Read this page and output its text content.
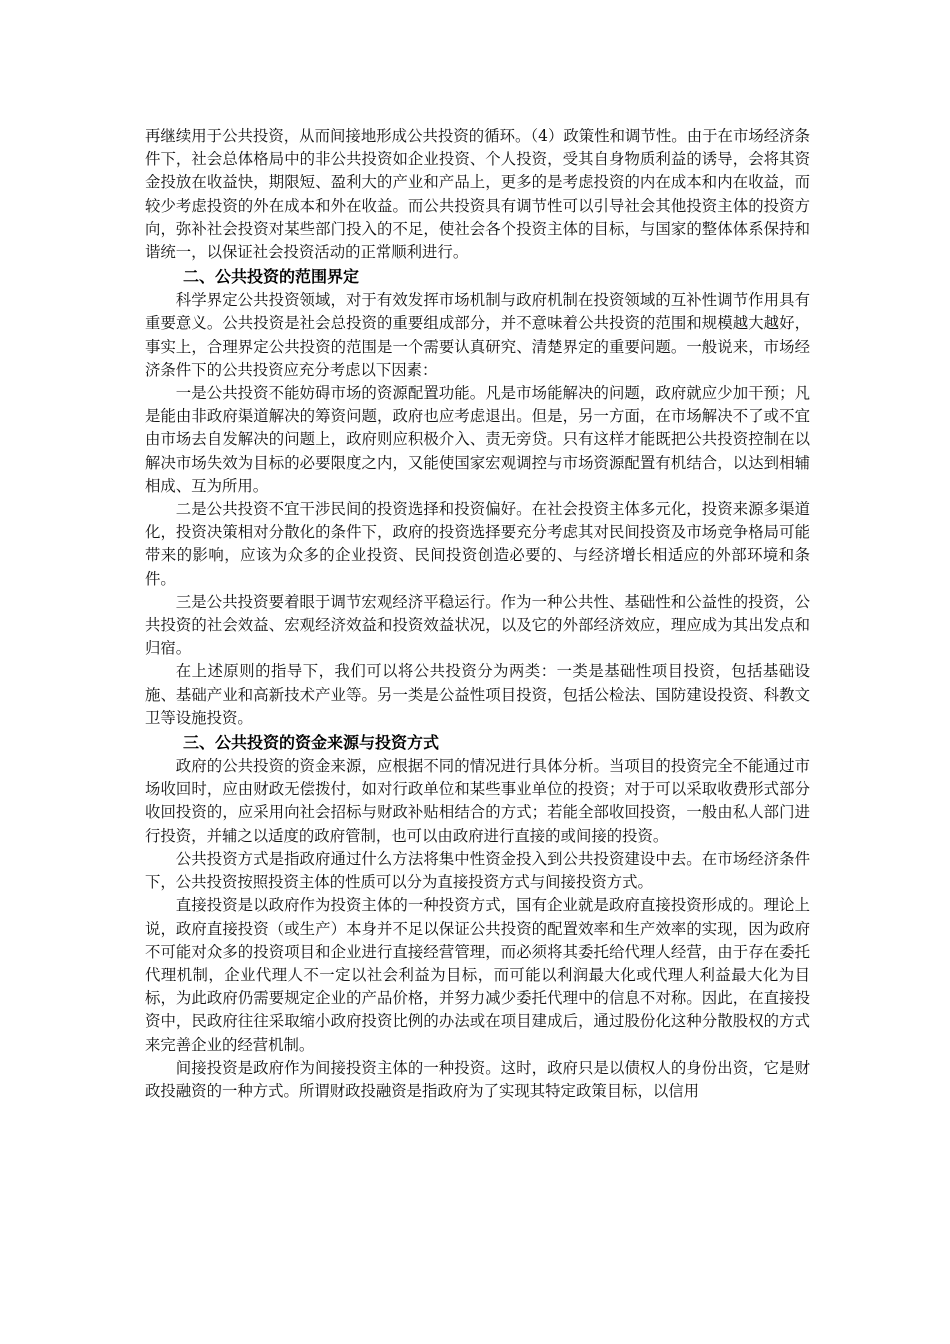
再继续用于公共投资，从而间接地形成公共投资的循环。（4）政策性和调节性。由于在市场经济条件下，社会总体格局中的非公共投资如企业投资、个人投资，受其自身物质利益的诱导，会将其资金投放在收益快，期限短、盈利大的产业和产品上，更多的是考虑投资的内在成本和内在收益，而较少考虑投资的外在成本和外在收益。而公共投资具有调节性可以引导社会其他投资主体的投资方向，弥补社会投资对某些部门投入的不足，使社会各个投资主体的目标，与国家的整体体系保持和谐统一，以保证社会投资活动的正常顺利进行。

二、公共投资的范围界定

科学界定公共投资领域，对于有效发挥市场机制与政府机制在投资领域的互补性调节作用具有重要意义。公共投资是社会总投资的重要组成部分，并不意味着公共投资的范围和规模越大越好，事实上，合理界定公共投资的范围是一个需要认真研究、清楚界定的重要问题。一般说来，市场经济条件下的公共投资应充分考虑以下因素：

一是公共投资不能妨碍市场的资源配置功能。凡是市场能解决的问题，政府就应少加干预；凡是能由非政府渠道解决的筹资问题，政府也应考虑退出。但是，另一方面，在市场解决不了或不宜由市场去自发解决的问题上，政府则应积极介入、责无旁贷。只有这样才能既把公共投资控制在以解决市场失效为目标的必要限度之内，又能使国家宏观调控与市场资源配置有机结合，以达到相辅相成、互为所用。

二是公共投资不宜干涉民间的投资选择和投资偏好。在社会投资主体多元化，投资来源多渠道化，投资决策相对分散化的条件下，政府的投资选择要充分考虑其对民间投资及市场竞争格局可能带来的影响，应该为众多的企业投资、民间投资创造必要的、与经济增长相适应的外部环境和条件。

三是公共投资要着眼于调节宏观经济平稳运行。作为一种公共性、基础性和公益性的投资，公共投资的社会效益、宏观经济效益和投资效益状况，以及它的外部经济效应，理应成为其出发点和归宿。

在上述原则的指导下，我们可以将公共投资分为两类：一类是基础性项目投资，包括基础设施、基础产业和高新技术产业等。另一类是公益性项目投资，包括公检法、国防建设投资、科教文卫等设施投资。

三、公共投资的资金来源与投资方式

政府的公共投资的资金来源，应根据不同的情况进行具体分析。当项目的投资完全不能通过市场收回时，应由财政无偿拨付，如对行政单位和某些事业单位的投资；对于可以采取收费形式部分收回投资的，应采用向社会招标与财政补贴相结合的方式；若能全部收回投资，一般由私人部门进行投资，并辅之以适度的政府管制，也可以由政府进行直接的或间接的投资。

公共投资方式是指政府通过什么方法将集中性资金投入到公共投资建设中去。在市场经济条件下，公共投资按照投资主体的性质可以分为直接投资方式与间接投资方式。

直接投资是以政府作为投资主体的一种投资方式，国有企业就是政府直接投资形成的。理论上说，政府直接投资（或生产）本身并不足以保证公共投资的配置效率和生产效率的实现，因为政府不可能对众多的投资项目和企业进行直接经营管理，而必须将其委托给代理人经营，由于存在委托代理机制，企业代理人不一定以社会利益为目标，而可能以利润最大化或代理人利益最大化为目标，为此政府仍需要规定企业的产品价格，并努力减少委托代理中的信息不对称。因此，在直接投资中，民政府往往采取缩小政府投资比例的办法或在项目建成后，通过股份化这种分散股权的方式来完善企业的经营机制。

间接投资是政府作为间接投资主体的一种投资。这时，政府只是以债权人的身份出资，它是财政投融资的一种方式。所谓财政投融资是指政府为了实现其特定政策目标，以信用
